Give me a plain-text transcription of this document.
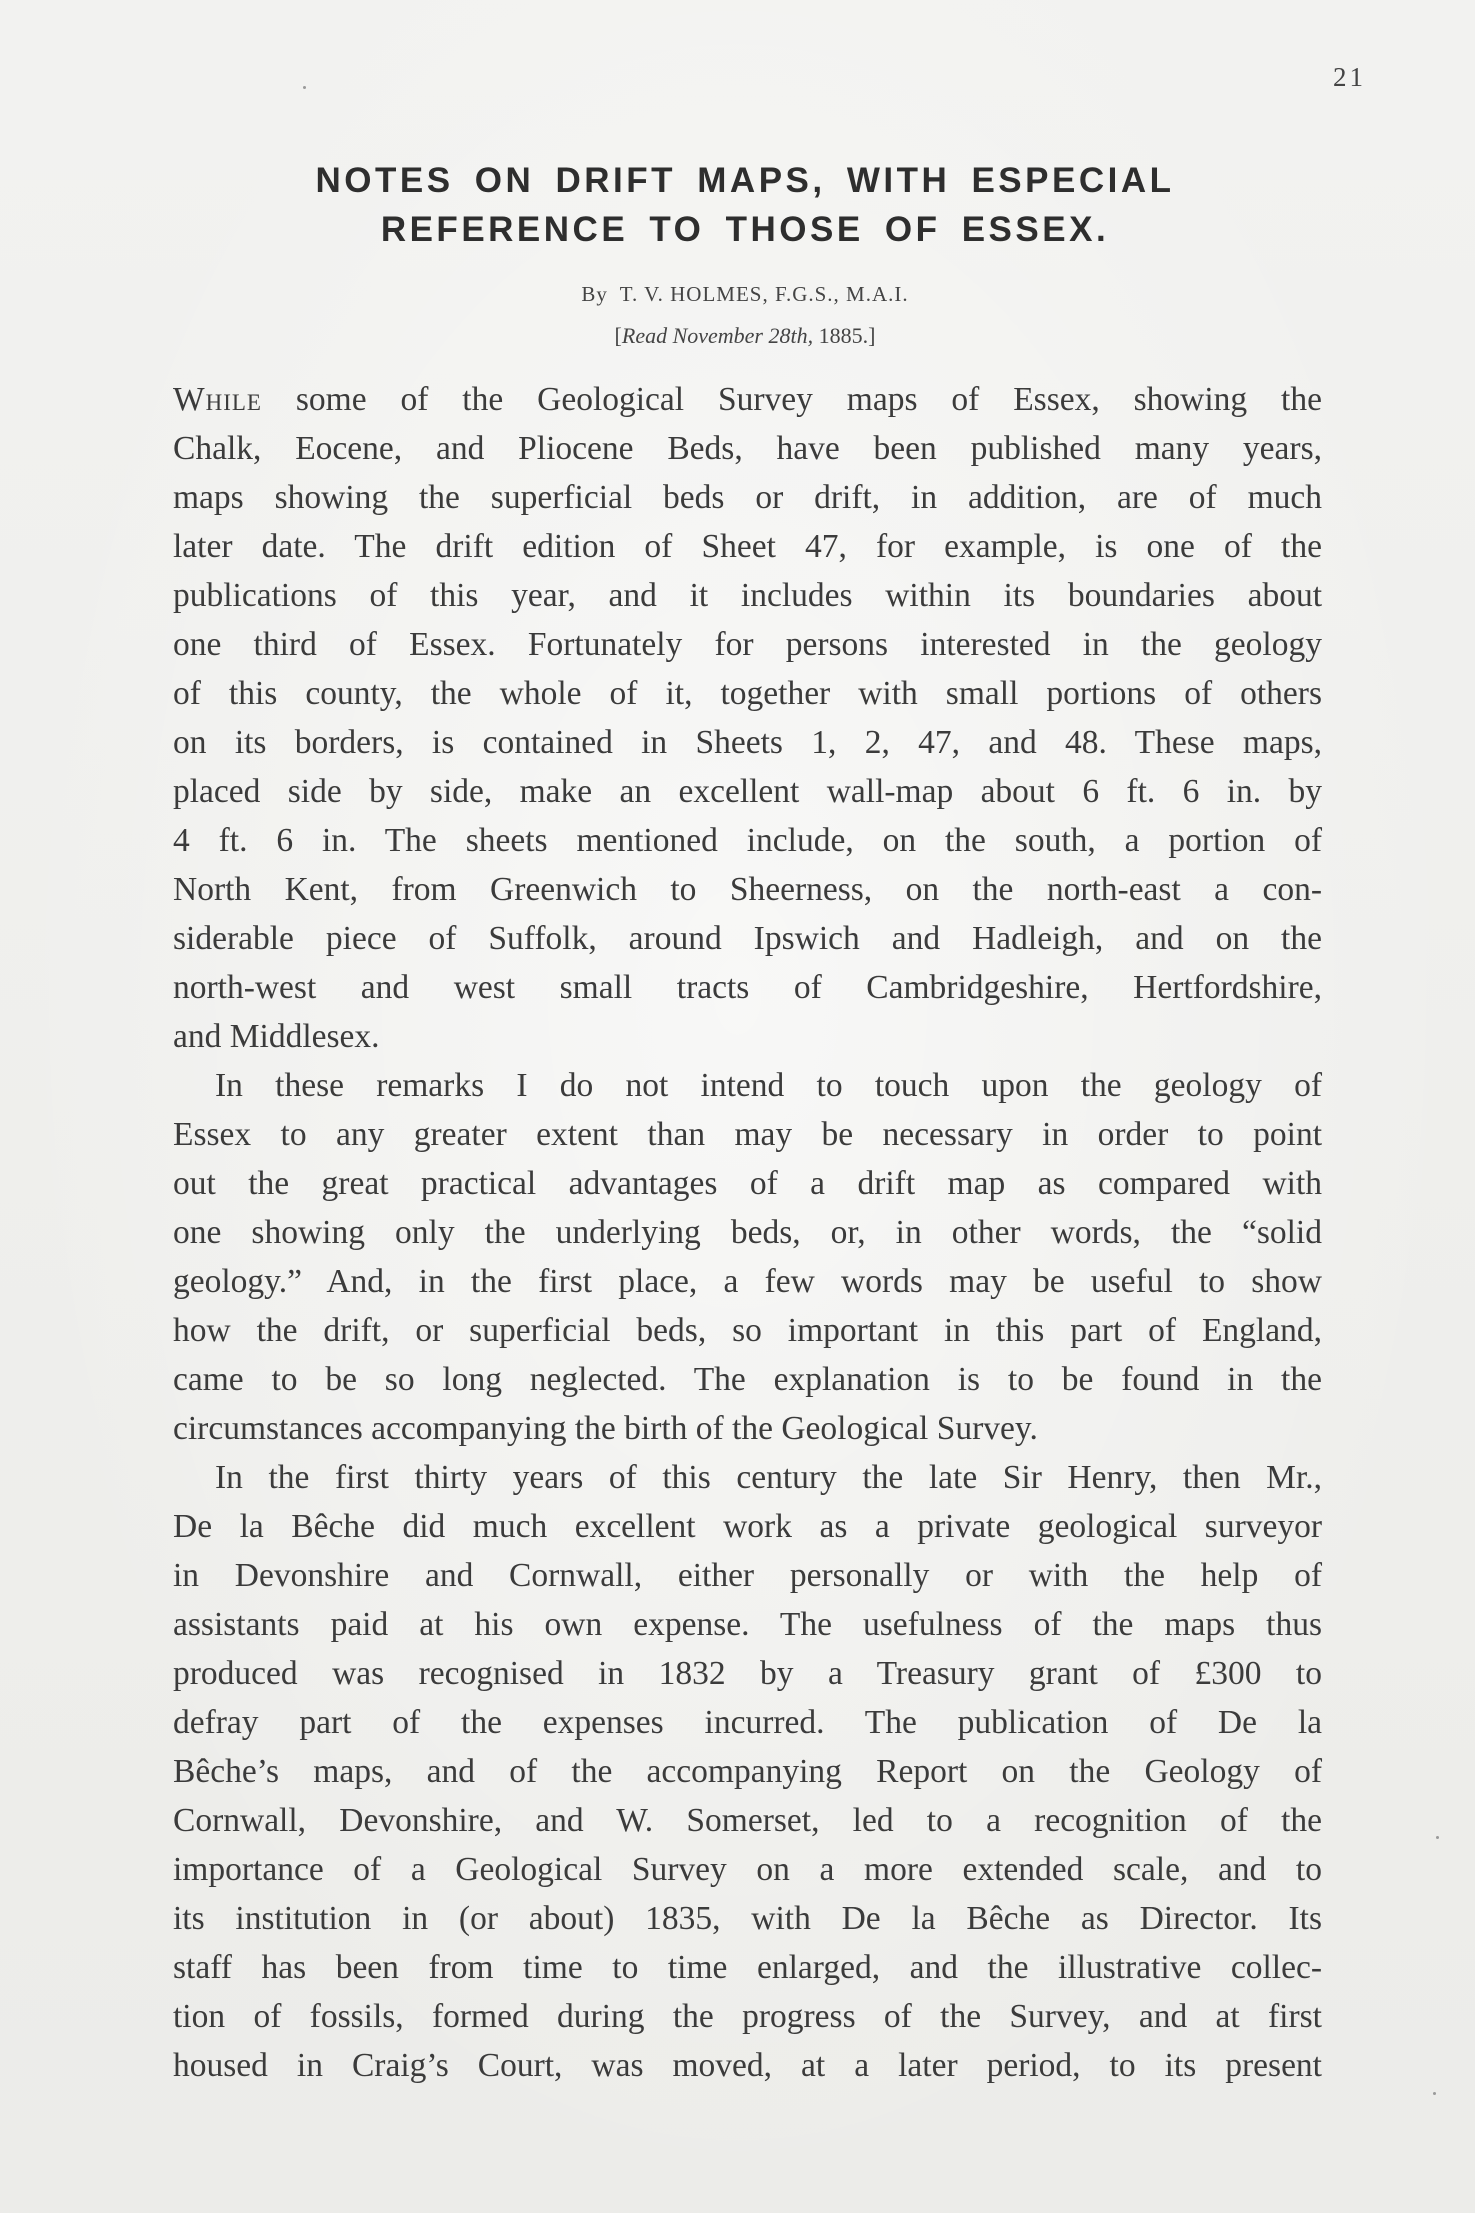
21
NOTES ON DRIFT MAPS, WITH ESPECIAL
REFERENCE TO THOSE OF ESSEX.
By T. V. HOLMES, F.G.S., M.A.I.
[Read November 28th, 1885.]

While some of the Geological Survey maps of Essex, showing the
Chalk, Eocene, and Pliocene Beds, have been published many years,
maps showing the superficial beds or drift, in addition, are of much
later date. The drift edition of Sheet 47, for example, is one of the
publications of this year, and it includes within its boundaries about
one third of Essex. Fortunately for persons interested in the geology
of this county, the whole of it, together with small portions of others
on its borders, is contained in Sheets 1, 2, 47, and 48. These maps,
placed side by side, make an excellent wall-map about 6 ft. 6 in. by
4 ft. 6 in. The sheets mentioned include, on the south, a portion of
North Kent, from Greenwich to Sheerness, on the north-east a con-
siderable piece of Suffolk, around Ipswich and Hadleigh, and on the
north-west and west small tracts of Cambridgeshire, Hertfordshire,
and Middlesex.

In these remarks I do not intend to touch upon the geology of
Essex to any greater extent than may be necessary in order to point
out the great practical advantages of a drift map as compared with
one showing only the underlying beds, or, in other words, the “solid
geology.” And, in the first place, a few words may be useful to show
how the drift, or superficial beds, so important in this part of England,
came to be so long neglected. The explanation is to be found in the
circumstances accompanying the birth of the Geological Survey.

In the first thirty years of this century the late Sir Henry, then Mr.,
De la Bêche did much excellent work as a private geological surveyor
in Devonshire and Cornwall, either personally or with the help of
assistants paid at his own expense. The usefulness of the maps thus
produced was recognised in 1832 by a Treasury grant of £300 to
defray part of the expenses incurred. The publication of De la
Bêche’s maps, and of the accompanying Report on the Geology of
Cornwall, Devonshire, and W. Somerset, led to a recognition of the
importance of a Geological Survey on a more extended scale, and to
its institution in (or about) 1835, with De la Bêche as Director. Its
staff has been from time to time enlarged, and the illustrative collec-
tion of fossils, formed during the progress of the Survey, and at first
housed in Craig’s Court, was moved, at a later period, to its present
